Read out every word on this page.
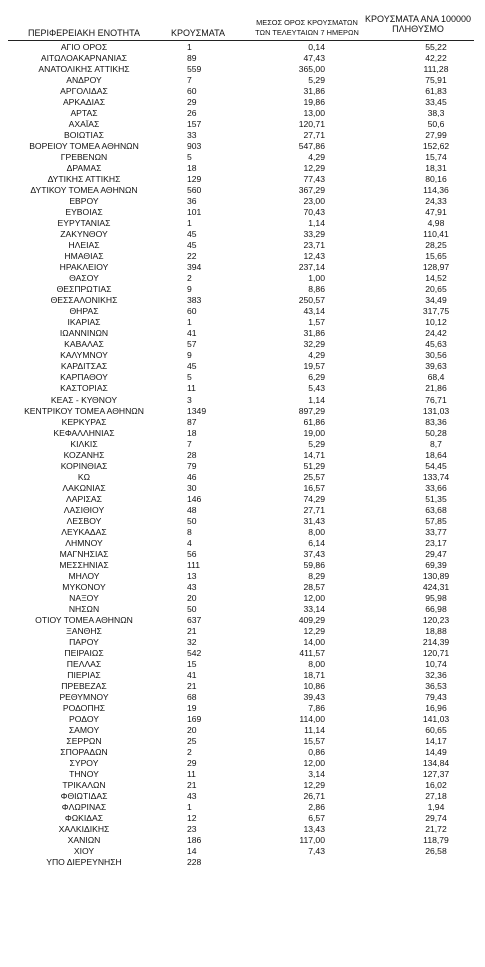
ΠΕΡΙΦΕΡΕΙΑΚΗ ΕΝΟΤΗΤΑ	ΚΡΟΥΣΜΑΤΑ
ΜΕΣΟΣ ΟΡΟΣ ΚΡΟΥΣΜΑΤΩΝ
ΤΩΝ ΤΕΛΕΥΤΑΙΩΝ 7 ΗΜΕΡΩΝ
ΚΡΟΥΣΜΑΤΑ ΑΝΑ 100000
ΠΛΗΘΥΣΜΟ
ΑΓΙΟ ΟΡΟΣ	1	0,14	55,22
ΑΙΤΩΛΟΑΚΑΡΝΑΝΙΑΣ	89	47,43	42,22
ΑΝΑΤΟΛΙΚΗΣ ΑΤΤΙΚΗΣ	559	365,00	111,28
ΑΝΔΡΟΥ	7	5,29	75,91
ΑΡΓΟΛΙΔΑΣ	60	31,86	61,83
ΑΡΚΑΔΙΑΣ	29	19,86	33,45
ΑΡΤΑΣ	26	13,00	38,3
ΑΧΑΪΑΣ	157	120,71	50,6
ΒΟΙΩΤΙΑΣ	33	27,71	27,99
ΒΟΡΕΙΟΥ ΤΟΜΕΑ ΑΘΗΝΩΝ	903	547,86	152,62
ΓΡΕΒΕΝΩΝ	5	4,29	15,74
ΔΡΑΜΑΣ	18	12,29	18,31
ΔΥΤΙΚΗΣ ΑΤΤΙΚΗΣ	129	77,43	80,16
ΔΥΤΙΚΟΥ ΤΟΜΕΑ ΑΘΗΝΩΝ	560	367,29	114,36
ΕΒΡΟΥ	36	23,00	24,33
ΕΥΒΟΙΑΣ	101	70,43	47,91
ΕΥΡΥΤΑΝΙΑΣ	1	1,14	4,98
ΖΑΚΥΝΘΟΥ	45	33,29	110,41
ΗΛΕΙΑΣ	45	23,71	28,25
ΗΜΑΘΙΑΣ	22	12,43	15,65
ΗΡΑΚΛΕΙΟΥ	394	237,14	128,97
ΘΑΣΟΥ	2	1,00	14,52
ΘΕΣΠΡΩΤΙΑΣ	9	8,86	20,65
ΘΕΣΣΑΛΟΝΙΚΗΣ	383	250,57	34,49
ΘΗΡΑΣ	60	43,14	317,75
ΙΚΑΡΙΑΣ	1	1,57	10,12
ΙΩΑΝΝΙΝΩΝ	41	31,86	24,42
ΚΑΒΑΛΑΣ	57	32,29	45,63
ΚΑΛΥΜΝΟΥ	9	4,29	30,56
ΚΑΡΔΙΤΣΑΣ	45	19,57	39,63
ΚΑΡΠΑΘΟΥ	5	6,29	68,4
ΚΑΣΤΟΡΙΑΣ	11	5,43	21,86
ΚΕΑΣ - ΚΥΘΝΟΥ	3	1,14	76,71
ΚΕΝΤΡΙΚΟΥ ΤΟΜΕΑ ΑΘΗΝΩΝ	1349	897,29	131,03
ΚΕΡΚΥΡΑΣ	87	61,86	83,36
ΚΕΦΑΛΛΗΝΙΑΣ	18	19,00	50,28
ΚΙΛΚΙΣ	7	5,29	8,7
ΚΟΖΑΝΗΣ	28	14,71	18,64
ΚΟΡΙΝΘΙΑΣ	79	51,29	54,45
ΚΩ	46	25,57	133,74
ΛΑΚΩΝΙΑΣ	30	16,57	33,66
ΛΑΡΙΣΑΣ	146	74,29	51,35
ΛΑΣΙΘΙΟΥ	48	27,71	63,68
ΛΕΣΒΟΥ	50	31,43	57,85
ΛΕΥΚΑΔΑΣ	8	8,00	33,77
ΛΗΜΝΟΥ	4	6,14	23,17
ΜΑΓΝΗΣΙΑΣ	56	37,43	29,47
ΜΕΣΣΗΝΙΑΣ	111	59,86	69,39
ΜΗΛΟΥ	13	8,29	130,89
ΜΥΚΟΝΟΥ	43	28,57	424,31
ΝΑΞΟΥ	20	12,00	95,98
ΝΗΣΩΝ	50	33,14	66,98
ΟΤΙΟΥ ΤΟΜΕΑ ΑΘΗΝΩΝ	637	409,29	120,23
ΞΑΝΘΗΣ	21	12,29	18,88
ΠΑΡΟΥ	32	14,00	214,39
ΠΕΙΡΑΙΩΣ	542	411,57	120,71
ΠΕΛΛΑΣ	15	8,00	10,74
ΠΙΕΡΙΑΣ	41	18,71	32,36
ΠΡΕΒΕΖΑΣ	21	10,86	36,53
ΡΕΘΥΜΝΟΥ	68	39,43	79,43
ΡΟΔΟΠΗΣ	19	7,86	16,96
ΡΟΔΟΥ	169	114,00	141,03
ΣΑΜΟΥ	20	11,14	60,65
ΣΕΡΡΩΝ	25	15,57	14,17
ΣΠΟΡΑΔΩΝ	2	0,86	14,49
ΣΥΡΟΥ	29	12,00	134,84
ΤΗΝΟΥ	11	3,14	127,37
ΤΡΙΚΑΛΩΝ	21	12,29	16,02
ΦΘΙΩΤΙΔΑΣ	43	26,71	27,18
ΦΛΩΡΙΝΑΣ	1	2,86	1,94
ΦΩΚΙΔΑΣ	12	6,57	29,74
ΧΑΛΚΙΔΙΚΗΣ	23	13,43	21,72
ΧΑΝΙΩΝ	186	117,00	118,79
ΧΙΟΥ	14	7,43	26,58
ΥΠΟ ΔΙΕΡΕΥΝΗΣΗ	228
